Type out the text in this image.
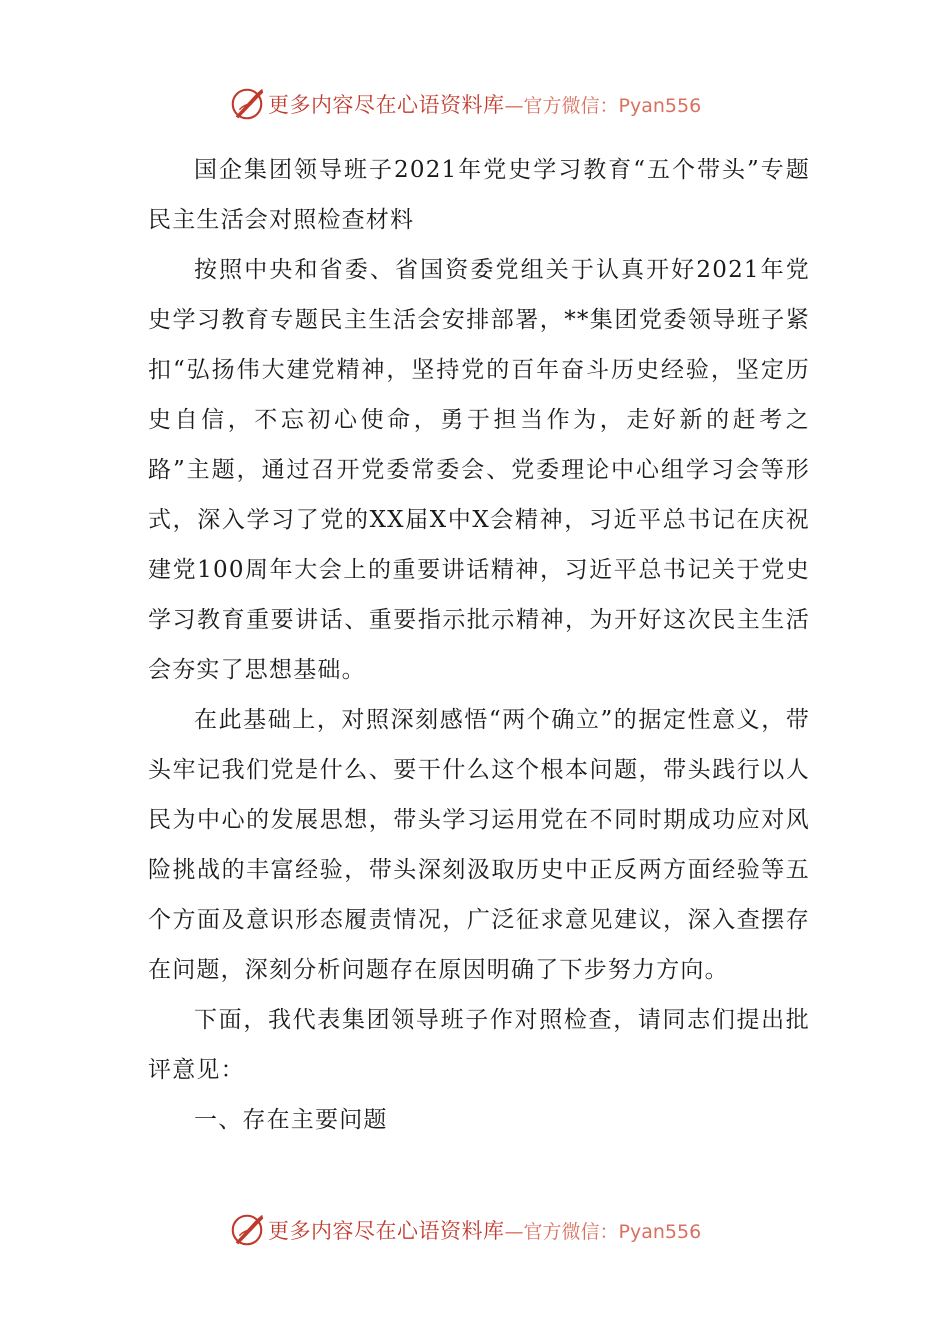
更多内容尽在心语资料库 —官方微信：Pyan556

国企集团领导班子2021年党史学习教育“五个带头”专题民主生活会对照检查材料

按照中央和省委、省国资委党组关于认真开好2021年党史学习教育专题民主生活会安排部署，**集团党委领导班子紧扣“弘扬伟大建党精神，坚持党的百年奋斗历史经验，坚定历史自信，不忘初心使命，勇于担当作为，走好新的赶考之路”主题，通过召开党委常委会、党委理论中心组学习会等形式，深入学习了党的XX届X中X会精神，习近平总书记在庆祝建党100周年大会上的重要讲话精神，习近平总书记关于党史学习教育重要讲话、重要指示批示精神，为开好这次民主生活会夯实了思想基础。

在此基础上，对照深刻感悟“两个确立”的据定性意义，带头牢记我们党是什么、要干什么这个根本问题，带头践行以人民为中心的发展思想，带头学习运用党在不同时期成功应对风险挑战的丰富经验，带头深刻汲取历史中正反两方面经验等五个方面及意识形态履责情况，广泛征求意见建议，深入查摆存在问题，深刻分析问题存在原因明确了下步努力方向。

下面，我代表集团领导班子作对照检查，请同志们提出批评意见：

一、存在主要问题

更多内容尽在心语资料库 —官方微信：Pyan556
